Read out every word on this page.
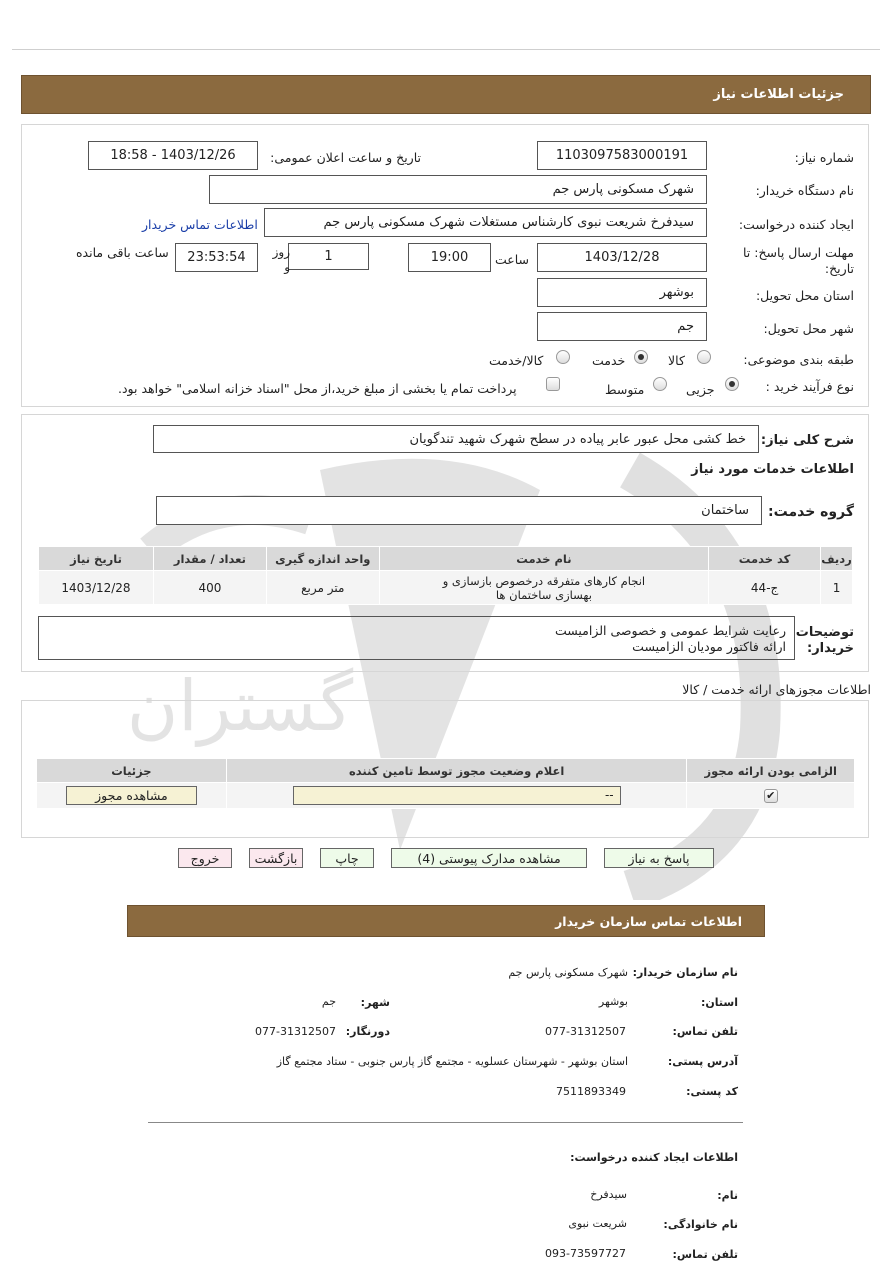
گستران
جزئیات اطلاعات نیاز
شماره نیاز:
1103097583000191
تاریخ و ساعت اعلان عمومی:
1403/12/26 - 18:58
نام دستگاه خریدار:
شهرک مسکونی پارس جم
ایجاد کننده درخواست:
سیدفرخ شریعت نبوی کارشناس مستغلات شهرک مسکونی پارس جم
اطلاعات تماس خریدار
مهلت ارسال پاسخ: تا
تاریخ:
1403/12/28
ساعت
19:00
1
روز و
23:53:54
ساعت باقی مانده
استان محل تحویل:
بوشهر
شهر محل تحویل:
جم
طبقه بندی موضوعی:
کالا
خدمت
کالا/خدمت
نوع فرآیند خرید :
جزیی
متوسط
پرداخت تمام یا بخشی از مبلغ خرید،از محل "اسناد خزانه اسلامی" خواهد بود.
شرح کلی نیاز:
خط کشی محل عبور عابر پیاده در سطح شهرک شهید تندگویان
اطلاعات خدمات مورد نیاز
گروه خدمت:
ساختمان
ردیف	کد خدمت	نام خدمت	واحد اندازه گیری	تعداد / مقدار	تاریخ نیاز
1	ج-44	انجام کارهای متفرقه درخصوص بازسازی و
بهسازی ساختمان ها	متر مربع	400	1403/12/28
توضیحات
خریدار:
رعایت شرایط عمومی و خصوصی الزامیست
ارائه فاکتور مودیان الزامیست
اطلاعات مجوزهای ارائه خدمت / کالا
الزامی بودن ارائه مجوز	اعلام وضعیت مجوز توسط تامین کننده	جزئیات
✔	--	مشاهده مجوز
پاسخ به نیاز
مشاهده مدارک پیوستی (4)
چاپ
بازگشت
خروج
اطلاعات تماس سازمان خریدار
نام سازمان خریدار:
شهرک مسکونی پارس جم
استان:
بوشهر
شهر:
جم
تلفن تماس:
077-31312507
دورنگار:
077-31312507
آدرس پستی:
استان بوشهر - شهرستان عسلویه - مجتمع گاز پارس جنوبی - ستاد مجتمع گاز
کد پستی:
7511893349
اطلاعات ایجاد کننده درخواست:
نام:
سیدفرخ
نام خانوادگی:
شریعت نبوی
تلفن تماس:
093-73597727
